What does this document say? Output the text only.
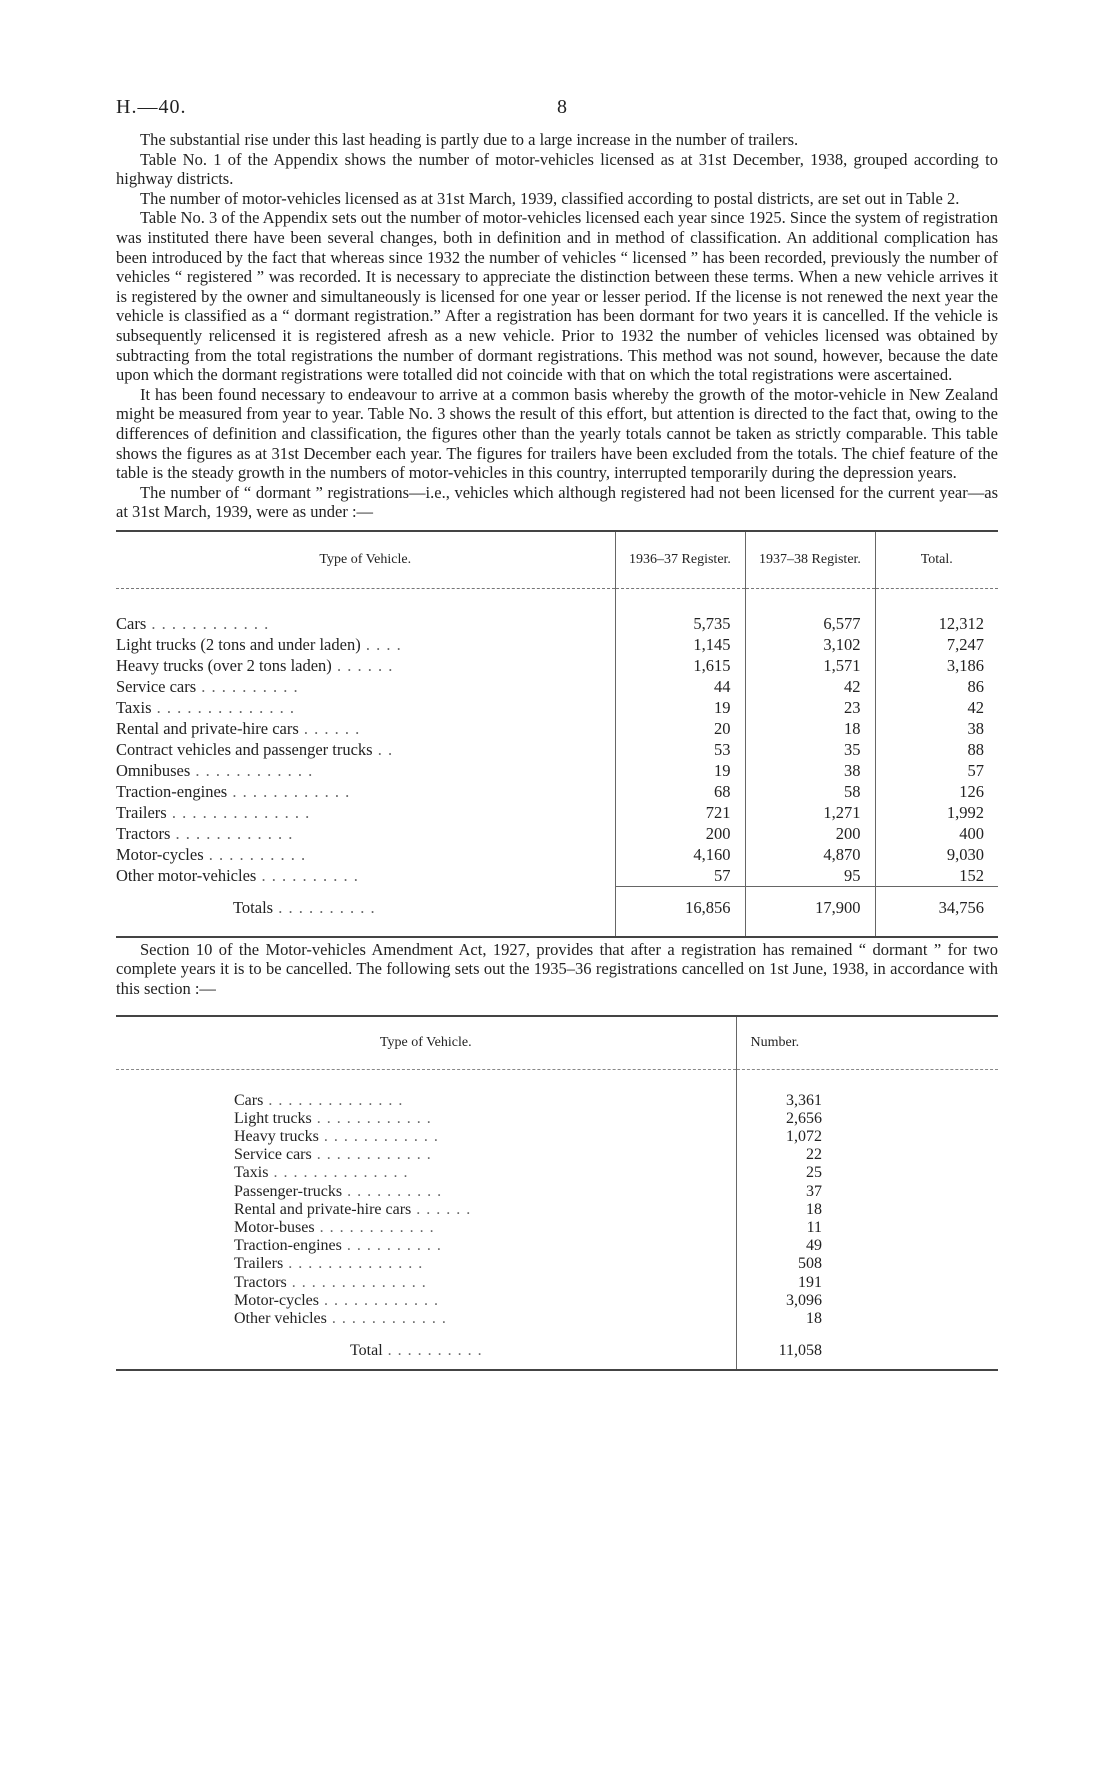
H.—40.	8

The substantial rise under this last heading is partly due to a large increase in the number of trailers.

Table No. 1 of the Appendix shows the number of motor-vehicles licensed as at 31st December, 1938, grouped according to highway districts.

The number of motor-vehicles licensed as at 31st March, 1939, classified according to postal districts, are set out in Table 2.

Table No. 3 of the Appendix sets out the number of motor-vehicles licensed each year since 1925. Since the system of registration was instituted there have been several changes, both in definition and in method of classification. An additional complication has been introduced by the fact that whereas since 1932 the number of vehicles “ licensed ” has been recorded, previously the number of vehicles “ registered ” was recorded. It is necessary to appreciate the distinction between these terms. When a new vehicle arrives it is registered by the owner and simultaneously is licensed for one year or lesser period. If the license is not renewed the next year the vehicle is classified as a “ dormant registration.” After a registration has been dormant for two years it is cancelled. If the vehicle is subsequently relicensed it is registered afresh as a new vehicle. Prior to 1932 the number of vehicles licensed was obtained by subtracting from the total registrations the number of dormant registrations. This method was not sound, however, because the date upon which the dormant registrations were totalled did not coincide with that on which the total registrations were ascertained.

It has been found necessary to endeavour to arrive at a common basis whereby the growth of the motor-vehicle in New Zealand might be measured from year to year. Table No. 3 shows the result of this effort, but attention is directed to the fact that, owing to the differences of definition and classification, the figures other than the yearly totals cannot be taken as strictly comparable. This table shows the figures as at 31st December each year. The figures for trailers have been excluded from the totals. The chief feature of the table is the steady growth in the numbers of motor-vehicles in this country, interrupted temporarily during the depression years.

The number of “ dormant ” registrations—i.e., vehicles which although registered had not been licensed for the current year—as at 31st March, 1939, were as under :—

Type of Vehicle.	1936–37 Register.	1937–38 Register.	Total.
Cars . . . . . . . . . . . .	5,735	6,577	12,312
Light trucks (2 tons and under laden) . . . .	1,145	3,102	7,247
Heavy trucks (over 2 tons laden) . . . . . .	1,615	1,571	3,186
Service cars . . . . . . . . . .	44	42	86
Taxis . . . . . . . . . . . . . .	19	23	42
Rental and private-hire cars . . . . . .	20	18	38
Contract vehicles and passenger trucks . .	53	35	88
Omnibuses . . . . . . . . . . . .	19	38	57
Traction-engines . . . . . . . . . . . .	68	58	126
Trailers . . . . . . . . . . . . . .	721	1,271	1,992
Tractors . . . . . . . . . . . .	200	200	400
Motor-cycles . . . . . . . . . .	4,160	4,870	9,030
Other motor-vehicles . . . . . . . . . .	57	95	152
Totals . . . . . . . . . .	16,856	17,900	34,756

Section 10 of the Motor-vehicles Amendment Act, 1927, provides that after a registration has remained “ dormant ” for two complete years it is to be cancelled. The following sets out the 1935–36 registrations cancelled on 1st June, 1938, in accordance with this section :—

Type of Vehicle.	Number.
Cars . . . . . . . . . . . . . .	3,361
Light trucks . . . . . . . . . . . .	2,656
Heavy trucks . . . . . . . . . . . .	1,072
Service cars . . . . . . . . . . . .	22
Taxis . . . . . . . . . . . . . .	25
Passenger-trucks . . . . . . . . . .	37
Rental and private-hire cars . . . . . .	18
Motor-buses . . . . . . . . . . . .	11
Traction-engines . . . . . . . . . .	49
Trailers . . . . . . . . . . . . . .	508
Tractors . . . . . . . . . . . . . .	191
Motor-cycles . . . . . . . . . . . .	3,096
Other vehicles . . . . . . . . . . . .	18
Total . . . . . . . . . .	11,058
